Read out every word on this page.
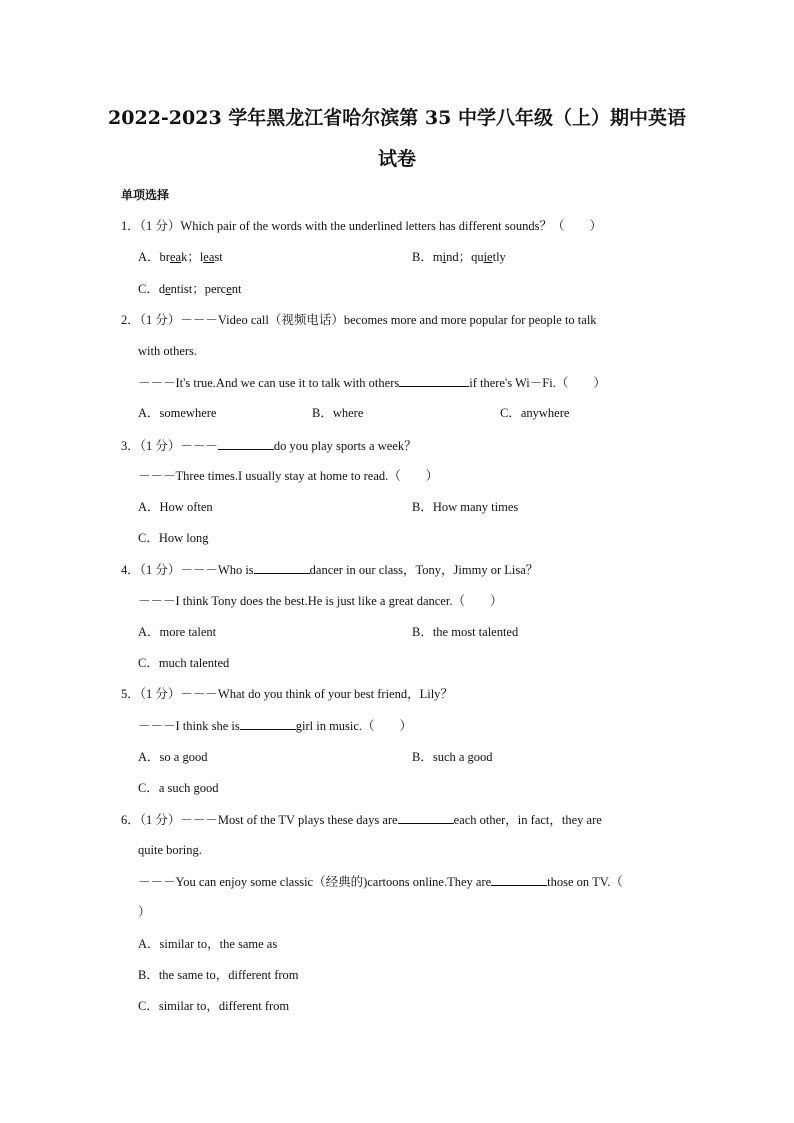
2022-2023 学年黑龙江省哈尔滨第 35 中学八年级（上）期中英语
试卷
单项选择
1．（1 分）Which pair of the words with the underlined letters has different sounds？（　　）
A．break；least	B．mind；quietly
C．dentist；percent
2．（1 分）－－－Video call（视频电话）becomes more and more popular for people to talk
with others.
－－－It's true.And we can use it to talk with others	if there's Wi－Fi.（　　）
A．somewhere	B．where	C．anywhere
3．（1 分）－－－	do you play sports a week？
－－－Three times.I usually stay at home to read.（　　）
A．How often	B．How many times
C．How long
4．（1 分）－－－Who is	dancer in our class，Tony，Jimmy or Lisa？
－－－I think Tony does the best.He is just like a great dancer.（　　）
A．more talent	B．the most talented
C．much talented
5．（1 分）－－－What do you think of your best friend，Lily？
－－－I think she is	girl in music.（　　）
A．so a good	B．such a good
C．a such good
6．（1 分）－－－Most of the TV plays these days are	each other，in fact，they are
quite boring.
－－－You can enjoy some classic（经典的)cartoons online.They are	those on TV.（
）
A．similar to，the same as
B．the same to，different from
C．similar to，different from
